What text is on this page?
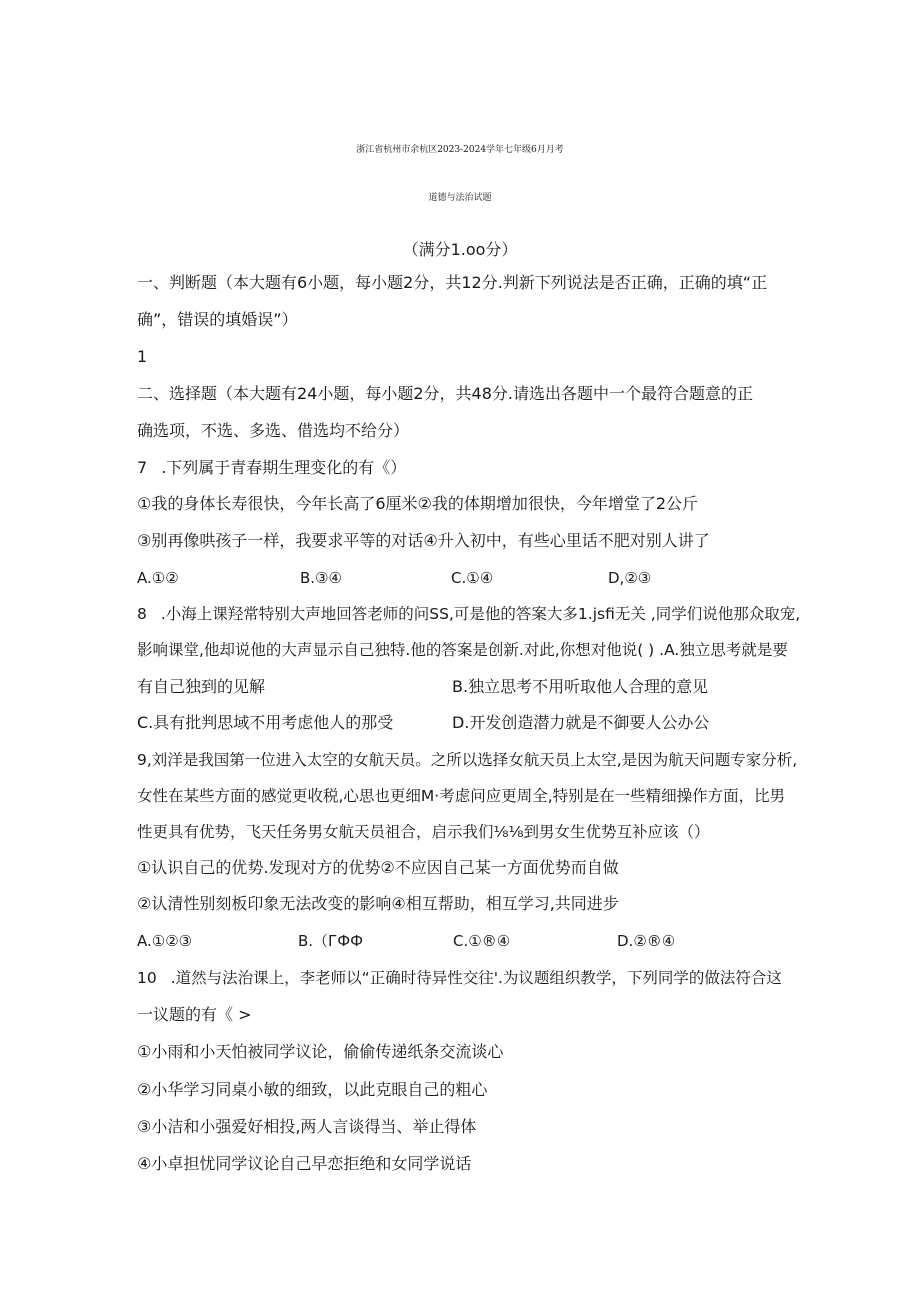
浙江省杭州市余杭区2023-2024学年七年级6月月考
道德与法治试题
（满分1.oo分）
一、判断题（本大题有6小题，每小题2分，共12分.判新下列说法是否正确，正确的填“正
确”，错误的填婚误”）
1
二、选择题（本大题有24小题，每小题2分，共48分.请选出各题中一个最符合题意的正
确选项，不选、多选、借选均不给分）
7 .下列属于青春期生理变化的有《）
①我的身体长寿很快，今年长高了6厘米②我的体期增加很快，今年增堂了2公斤
③别再像哄孩子一样，我要求平等的对话④升入初中，有些心里话不肥对别人讲了
A.①②	B.③④	C.①④	D,②③
8 .小海上课羟常特别大声地回答老师的问SS,可是他的答案大多1.jsfi无关 ,同学们说他那众取宠,
影响课堂,他却说他的大声显示自己独特.他的答案是创新.对此,你想对他说( ) .A.独立思考就是要
有自己独到的见解	B.独立思考不用听取他人合理的意见
C.具有批判思域不用考虑他人的那受	D.开发创造潜力就是不御要人公办公
9,刘洋是我国第一位进入太空的女航天员。之所以选择女航天员上太空,是因为航天问题专家分析,
女性在某些方面的感觉更收税,心思也更细M·考虑问应更周全,特别是在一些精细操作方面，比男
性更具有优势，飞天任务男女航天员祖合，启示我们⅛⅛到男女生优势互补应该（）
①认识自己的优势.发现对方的优势②不应因自己某一方面优势而自做
②认清性别刻板印象无法改变的影响④相互帮助，相互学习,共同进步
A.①②③	B.（ГФФ	C.①®④	D.②®④
10 .道然与法治课上，李老师以“正确时待异性交往'.为议题组织教学，下列同学的做法符合这
一议题的有《 >
①小雨和小天怕被同学议论，偷偷传递纸条交流谈心
②小华学习同桌小敏的细致，以此克眼自己的粗心
③小洁和小强爱好相投,两人言谈得当、举止得体
④小卓担忧同学议论自己早恋拒绝和女同学说话
